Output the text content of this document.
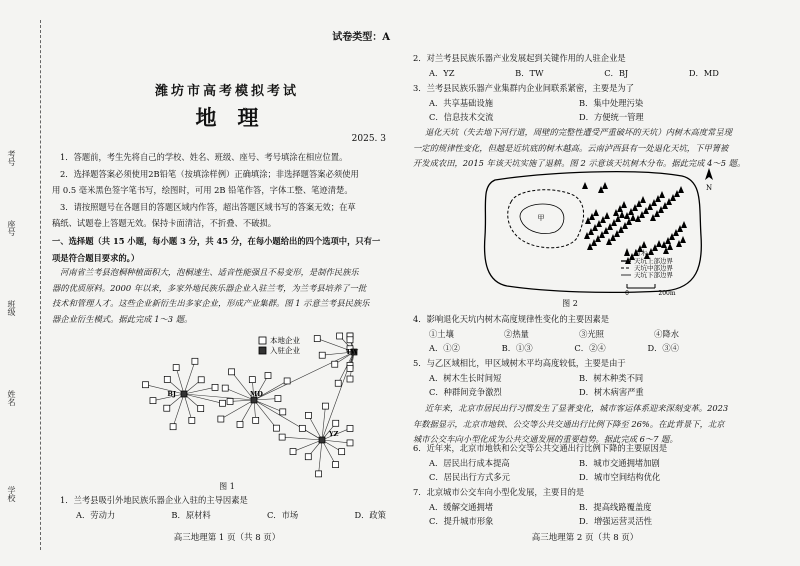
学校
姓名
班级
座号
考号
试卷类型：A
潍坊市高考模拟考试
地　理
2025. 3
1．答题前，考生先将自己的学校、姓名、班级、座号、考号填涂在相应位置。
2．选择题答案必须使用2B铅笔（按填涂样例）正确填涂；非选择题答案必须使用
用 0.5 毫米黑色签字笔书写，绘图时，可用 2B 铅笔作答，字体工整、笔迹清楚。
3．请按照题号在各题目的答题区域内作答，超出答题区域书写的答案无效；在草
稿纸、试题卷上答题无效。保持卡面清洁，不折叠、不破损。
一、选择题（共 15 小题，每小题 3 分，共 45 分，在每小题给出的四个选项中，只有一
项是符合题目要求的。）
河南省兰考县泡桐种植面积大，泡桐速生、适音性能强且不易变形，是制作民族乐
器的优质原料。2000 年以来，多家外地民族乐器企业入驻兰考，为兰考县培养了一批
技术和管理人才。这些企业新衍生出多家企业，形成产业集群。图 1 示意兰考县民族乐
器企业衍生模式。据此完成 1～3 题。
本地企业
入驻企业	TW
BJ	MD
YZ
图 1
1．兰考县吸引外地民族乐器企业入驻的主导因素是
A．劳动力	B．原材料	C．市场	D．政策
高三地理第 1 页（共 8 页）
2．对兰考县民族乐器产业发展起到关键作用的人驻企业是
A．YZ	B．TW	C．BJ	D．MD
3．兰考县民族乐器产业集群内企业间联系紧密，主要是为了
A．共享基础设施	B．集中处理污染
C．信息技术交流	D．方便统一管理
退化天坑（失去地下河行道，周壁的完整性遭受严重破坏的天坑）内树木高度常呈现
一定的规律性变化，但越是近坑底的树木越高。云南泸西县有一处退化天坑，下甲箐被
开发成农田，2015 年该天坑实施了退耕。图 2 示意该天坑树木分布。据此完成 4～5 题。
甲
N
树木
天坑上部边界
天坑中部边界
天坑下部边界
0	200m
图 2
4．影响退化天坑内树木高度规律性变化的主要因素是
①土壤	②热量	③光照	④降水
A．①②	B．①③	C．②④	D．③④
5．与乙区域相比，甲区域树木平均高度较低，主要是由于
A．树木生长时间短	B．树木种类不同
C．种群间竞争激烈	D．树木病害严重
近年来，北京市居民出行习惯发生了显著变化，城市客运体系迎来深刻变革。2023
年数据显示，北京市地铁、公交等公共交通出行比例下降至 26%。在此背景下，北京
城市公交车向小型化成为公共交通发展的重要趋势。据此完成 6～7 题。
6．近年来，北京市地铁和公交等公共交通出行比例下降的主要原因是
A．居民出行成本提高	B．城市交通拥堵加剧
C．居民出行方式多元	D．城市空间结构优化
7．北京城市公交车向小型化发展，主要目的是
A．缓解交通拥堵	B．提高线路覆盖度
C．提升城市形象	D．增强运营灵活性
高三地理第 2 页（共 8 页）
